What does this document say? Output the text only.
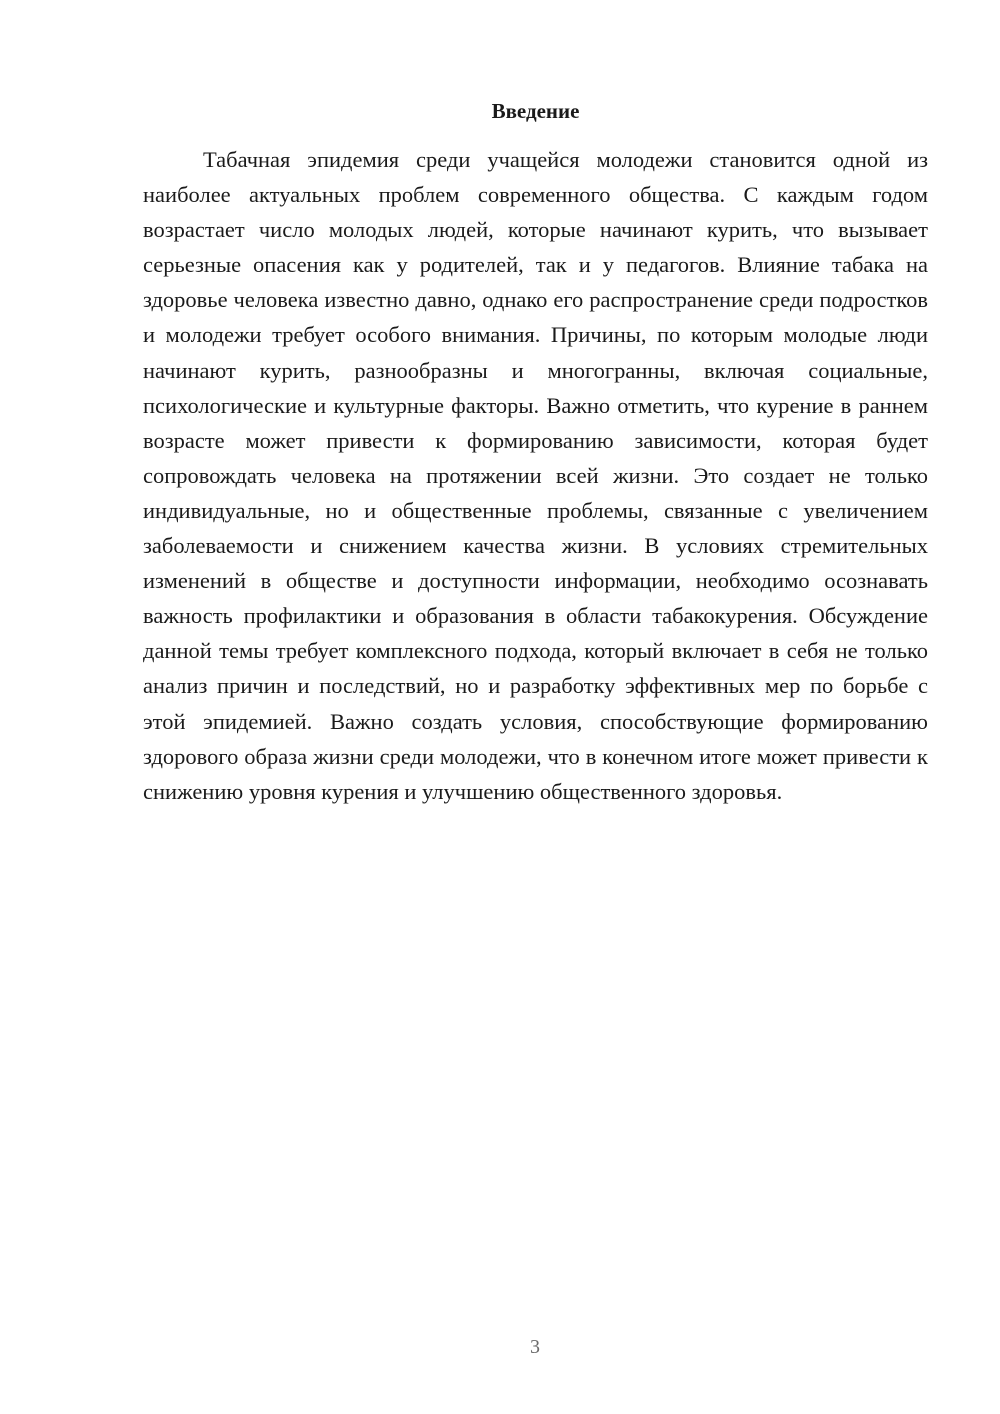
Введение

Табачная эпидемия среди учащейся молодежи становится одной из наиболее актуальных проблем современного общества. С каждым годом возрастает число молодых людей, которые начинают курить, что вызывает серьезные опасения как у родителей, так и у педагогов. Влияние табака на здоровье человека известно давно, однако его распространение среди подростков и молодежи требует особого внимания. Причины, по которым молодые люди начинают курить, разнообразны и многогранны, включая социальные, психологические и культурные факторы. Важно отметить, что курение в раннем возрасте может привести к формированию зависимости, которая будет сопровождать человека на протяжении всей жизни. Это создает не только индивидуальные, но и общественные проблемы, связанные с увеличением заболеваемости и снижением качества жизни. В условиях стремительных изменений в обществе и доступности информации, необходимо осознавать важность профилактики и образования в области табакокурения. Обсуждение данной темы требует комплексного подхода, который включает в себя не только анализ причин и последствий, но и разработку эффективных мер по борьбе с этой эпидемией. Важно создать условия, способствующие формированию здорового образа жизни среди молодежи, что в конечном итоге может привести к снижению уровня курения и улучшению общественного здоровья.

3
